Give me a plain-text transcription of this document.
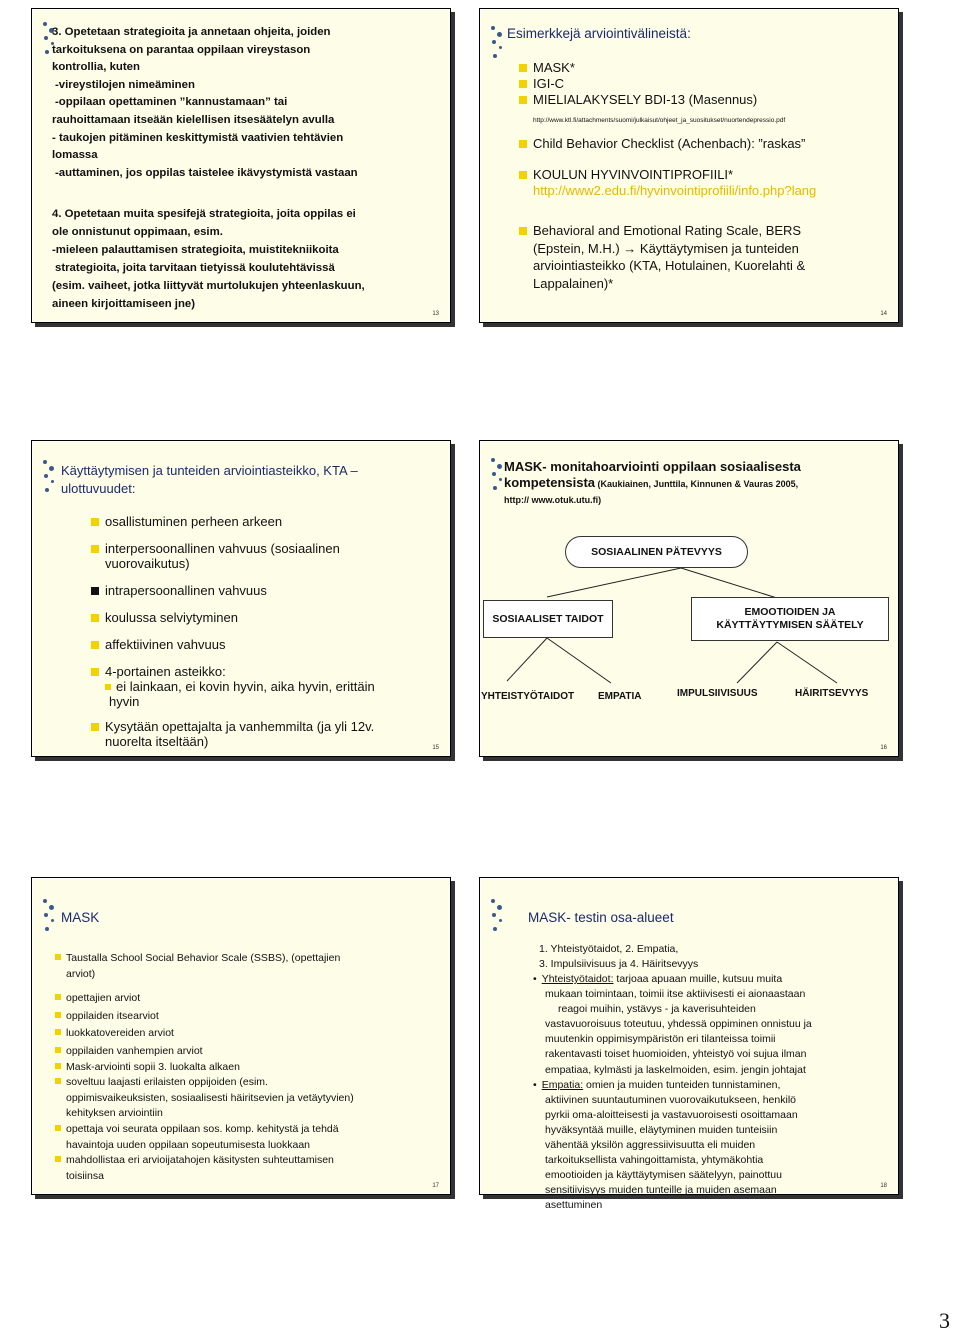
3. Opetetaan strategioita ja annetaan ohjeita, joiden
tarkoituksena on parantaa oppilaan vireystason
kontrollia, kuten
-vireystilojen nimeäminen
-oppilaan opettaminen ”kannustamaan” tai
rauhoittamaan itseään kielellisen itsesäätelyn avulla
- taukojen pitäminen keskittymistä vaativien tehtävien
lomassa
-auttaminen, jos oppilas taistelee ikävystymistä vastaan
4. Opetetaan muita spesifejä strategioita, joita oppilas ei
ole onnistunut oppimaan, esim.
-mieleen palauttamisen strategioita, muistitekniikoita
strategioita, joita tarvitaan tietyissä koulutehtävissä
(esim. vaiheet, jotka liittyvät murtolukujen yhteenlaskuun,
aineen kirjoittamiseen jne)
13
Esimerkkejä arviointivälineistä:
MASK*
IGI-C
MIELIALAKYSELY BDI-13 (Masennus)
http://www.ktl.fi/attachments/suomi/julkaisut/ohjeet_ja_suositukset/nuortendepressio.pdf
Child Behavior Checklist (Achenbach): ”raskas”
KOULUN HYVINVOINTIPROFIILI*
http://www2.edu.fi/hyvinvointiprofiili/info.php?lang
Behavioral and Emotional Rating Scale, BERS
(Epstein, M.H.) → Käyttäytymisen ja tunteiden
arviointiasteikko (KTA, Hotulainen, Kuorelahti &
Lappalainen)*
14
Käyttäytymisen ja tunteiden arviointiasteikko, KTA –
ulottuvuudet:
osallistuminen perheen arkeen
interpersoonallinen vahvuus (sosiaalinen
vuorovaikutus)
intrapersoonallinen vahvuus
koulussa selviytyminen
affektiivinen vahvuus
4-portainen asteikko:
ei lainkaan, ei kovin hyvin, aika hyvin, erittäin
hyvin
Kysytään opettajalta ja vanhemmilta (ja yli 12v.
nuorelta itseltään)	15
MASK- monitahoarviointi oppilaan sosiaalisesta
kompetensista (Kaukiainen, Junttila, Kinnunen & Vauras 2005,
http:// www.otuk.utu.fi)
SOSIAALINEN PÄTEVYYS
SOSIAALISET TAIDOT
EMOOTIOIDEN JA
KÄYTTÄYTYMISEN SÄÄTELY
YHTEISTYÖTAIDOT EMPATIA	IMPULSIIVISUUS	HÄIRITSEVYYS
16
MASK
Taustalla School Social Behavior Scale (SSBS), (opettajien
arviot)
opettajien arviot
oppilaiden itsearviot
luokkatovereiden arviot
oppilaiden vanhempien arviot
Mask-arviointi sopii 3. luokalta alkaen
soveltuu laajasti erilaisten oppijoiden (esim.
oppimisvaikeuksisten, sosiaalisesti häiritsevien ja vetäytyvien)
kehityksen arviointiin
opettaja voi seurata oppilaan sos. komp. kehitystä ja tehdä
havaintoja uuden oppilaan sopeutumisesta luokkaan
mahdollistaa eri arvioijatahojen käsitysten suhteuttamisen
toisiinsa
17
MASK- testin osa-alueet
1. Yhteistyötaidot, 2. Empatia,
3. Impulsiivisuus ja 4. Häiritsevyys
• Yhteistyötaidot: tarjoaa apuaan muille, kutsuu muita
mukaan toimintaan, toimii itse aktiivisesti ei aionaastaan
reagoi muihin, ystävys - ja kaverisuhteiden
vastavuoroisuus toteutuu, yhdessä oppiminen onnistuu ja
muutenkin oppimisympäristön eri tilanteissa toimii
rakentavasti toiset huomioiden, yhteistyö voi sujua ilman
empatiaa, kylmästi ja laskelmoiden, esim. jengin johtajat
• Empatia: omien ja muiden tunteiden tunnistaminen,
aktiivinen suuntautuminen vuorovaikutukseen, henkilö
pyrkii oma-aloitteisesti ja vastavuoroisesti osoittamaan
hyväksyntää muille, eläytyminen muiden tunteisiin
vähentää yksilön aggressiivisuutta eli muiden
tarkoituksellista vahingoittamista, yhtymäkohtia
emootioiden ja käyttäytymisen säätelyyn, painottuu
sensitiivisyys muiden tunteille ja muiden asemaan
asettuminen
18
3
